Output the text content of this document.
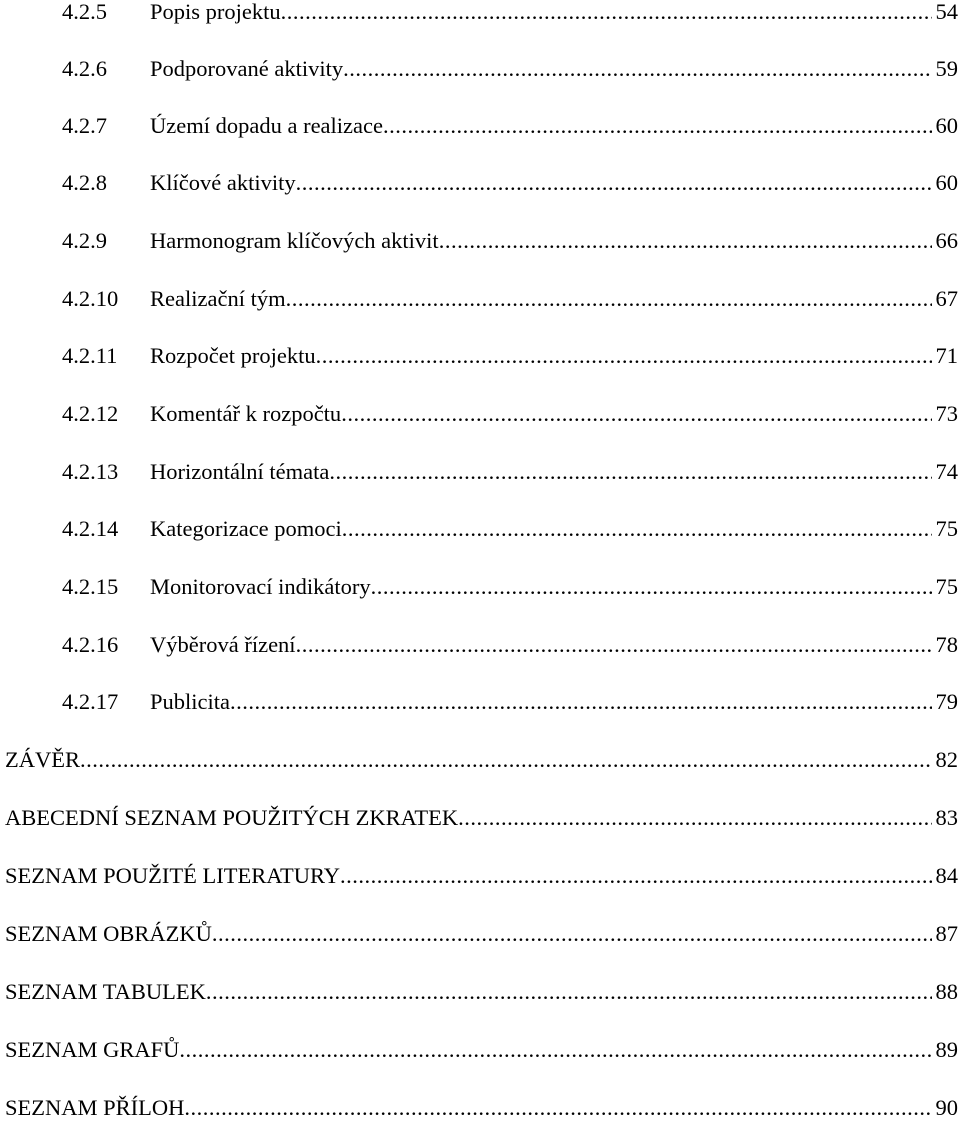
4.2.5	Popis projektu .....	54
4.2.6	Podporované aktivity .....	59
4.2.7	Území dopadu a realizace .....	60
4.2.8	Klíčové aktivity .....	60
4.2.9	Harmonogram klíčových aktivit .....	66
4.2.10	Realizační tým .....	67
4.2.11	Rozpočet projektu .....	71
4.2.12	Komentář k rozpočtu .....	73
4.2.13	Horizontální témata .....	74
4.2.14	Kategorizace pomoci .....	75
4.2.15	Monitorovací indikátory .....	75
4.2.16	Výběrová řízení .....	78
4.2.17	Publicita .....	79
ZÁVĚR .....	82
ABECEDNÍ SEZNAM POUŽITÝCH ZKRATEK .....	83
SEZNAM POUŽITÉ LITERATURY .....	84
SEZNAM OBRÁZKŮ .....	87
SEZNAM TABULEK .....	88
SEZNAM GRAFŮ .....	89
SEZNAM PŘÍLOH .....	90
